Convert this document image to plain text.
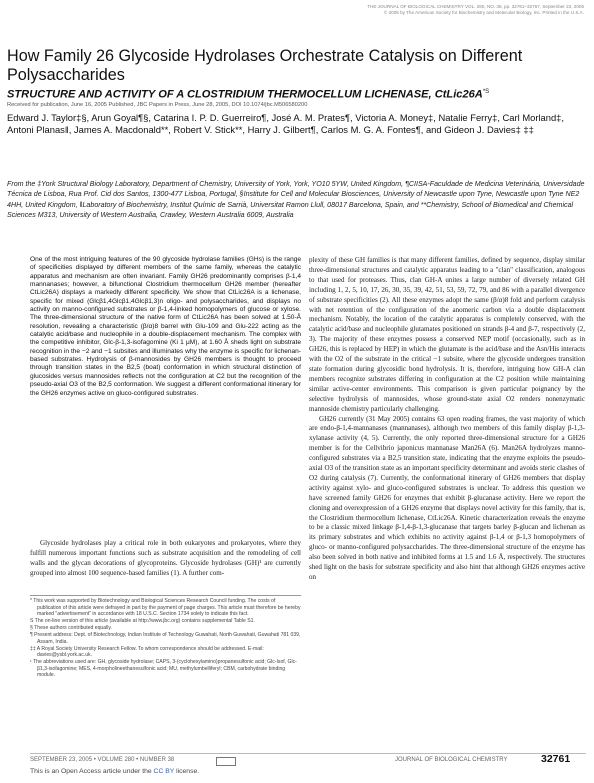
THE JOURNAL OF BIOLOGICAL CHEMISTRY VOL. 280, NO. 38, pp. 32761–32767, September 23, 2005
© 2005 by The American Society for Biochemistry and Molecular Biology, Inc. Printed in the U.S.A.
How Family 26 Glycoside Hydrolases Orchestrate Catalysis on Different Polysaccharides
STRUCTURE AND ACTIVITY OF A CLOSTRIDIUM THERMOCELLUM LICHENASE, $CtLic26A^{*S}$
Received for publication, June 16, 2005 Published, JBC Papers in Press, June 28, 2005, DOI 10.1074/jbc.M506580200
Edward J. Taylor‡§, Arun Goyal¶§, Catarina I. P. D. Guerreiro¶, José A. M. Prates¶, Victoria A. Money‡, Natalie Ferry‡, Carl Morland‡, Antoni Planas‖, James A. Macdonald**, Robert V. Stick**, Harry J. Gilbert¶, Carlos M. G. A. Fontes¶, and Gideon J. Davies‡ ‡‡
From the ‡York Structural Biology Laboratory, Department of Chemistry, University of York, York, YO10 5YW, United Kingdom, ¶CIISA-Faculdade de Medicina Veterinária, Universidade Técnica de Lisboa, Rua Prof. Cid dos Santos, 1300-477 Lisboa, Portugal, §Institute for Cell and Molecular Biosciences, University of Newcastle upon Tyne, Newcastle upon Tyne NE2 4HH, United Kingdom, ‖Laboratory of Biochemistry, Institut Químic de Sarrià, Universitat Ramon Llull, 08017 Barcelona, Spain, and **Chemistry, School of Biomedical and Chemical Sciences M313, University of Western Australia, Crawley, Western Australia 6009, Australia
One of the most intriguing features of the 90 glycoside hydrolase families (GHs) is the range of specificities displayed by different members of the same family, whereas the catalytic apparatus and mechanism are often invariant. Family GH26 predominantly comprises β-1,4 mannanases; however, a bifunctional Clostridium thermocellum GH26 member (hereafter CtLic26A) displays a markedly different specificity. We show that CtLic26A is a lichenase, specific for mixed (Glcβ1,4Glcβ1,4Glcβ1,3)n oligo- and polysaccharides, and displays no activity on manno-configured substrates or β-1,4-linked homopolymers of glucose or xylose. The three-dimensional structure of the native form of CtLic26A has been solved at 1.50-Å resolution, revealing a characteristic (β/α)8 barrel with Glu-109 and Glu-222 acting as the catalytic acid/base and nucleophile in a double-displacement mechanism. The complex with the competitive inhibitor, Glc-β-1,3-isofagomine (Ki 1 μM), at 1.60 Å sheds light on substrate recognition in the −2 and −1 subsites and illuminates why the enzyme is specific for lichenan-based substrates. Hydrolysis of β-mannosides by GH26 members is thought to proceed through transition states in the B2,5 (boat) conformation in which structural distinction of glucosides versus mannosides reflects not the configuration at C2 but the recognition of the pseudo-axial O3 of the B2,5 conformation. We suggest a different conformational itinerary for the GH26 enzymes active on gluco-configured substrates.
Glycoside hydrolases play a critical role in both eukaryotes and prokaryotes, where they fulfill numerous important functions such as substrate acquisition and the remodeling of cell walls and the glycan decorations of glycoproteins. Glycoside hydrolases (GH)¹ are currently grouped into almost 100 sequence-based families (1). A further com-
* This work was supported by Biotechnology and Biological Sciences Research Council funding. The costs of publication of this article were defrayed in part by the payment of page charges. This article must therefore be hereby marked "advertisement" in accordance with 18 U.S.C. Section 1734 solely to indicate this fact.
S The on-line version of this article (available at http://www.jbc.org) contains supplemental Table S1.
§ These authors contributed equally.
¶ Present address: Dept. of Biotechnology, Indian Institute of Technology Guwahati, North Guwahati, Guwahati 781 039, Assam, India.
‡‡ A Royal Society University Research Fellow. To whom correspondence should be addressed. E-mail: davies@ysbl.york.ac.uk.
¹ The abbreviations used are: GH, glycoside hydrolase; CAPS, 3-(cyclohexylamino)propanesulfonic acid; Glc-Isof, Glc-β1,3-isofagomine; MES, 4-morpholineethanesulfonic acid; MU, methylumbelliferyl; CBM, carbohydrate binding module.

plexity of these GH families is that many different families, defined by sequence, display similar three-dimensional structures and catalytic apparatus leading to a "clan" classification, analogous to that used for proteases. Thus, clan GH-A unites a large number of diversely related GH including 1, 2, 5, 10, 17, 26, 30, 35, 39, 42, 51, 53, 59, 72, 79, and 86 with a parallel divergence of substrate specificities (2). All these enzymes adopt the same (β/α)8 fold and perform catalysis with net retention of the configuration of the anomeric carbon via a double displacement mechanism. Notably, the location of the catalytic apparatus is completely conserved, with the catalytic acid/base and nucleophile glutamates positioned on strands β-4 and β-7, respectively (2, 3). The majority of these enzymes possess a conserved NEP motif (occasionally, such as in GH26, this is replaced by HEP) in which the glutamate is the acid/base and the Asn/His interacts with the O2 of the substrate in the critical −1 subsite, where the glycoside undergoes transition state formation during glycosidic bond hydrolysis. It is, therefore, intriguing how GH-A clan members recognize substrates differing in configuration at the C2 position while maintaining similar active-center environments. This comparison is given particular poignancy by the selective hydrolysis of mannosides, whose ground-state axial O2 renders nonenzymatic mannoside chemistry particularly challenging.

GH26 currently (31 May 2005) contains 63 open reading frames, the vast majority of which are endo-β-1,4-mannanases (mannanases), although two members of this family display β-1,3-xylanase activity (4, 5). Currently, the only reported three-dimensional structure for a GH26 member is for the Cellvibrio japonicus mannanase Man26A (6). Man26A hydrolyzes manno-configured substrates via a B2,5 transition state, indicating that the enzyme exploits the pseudo-axial O3 of the transition state as an important specificity determinant and avoids steric clashes of O2 during catalysis (7). Currently, the conformational itinerary of GH26 members that display activity against xylo- and gluco-configured substrates is unclear. To address this question we have screened family GH26 for enzymes that exhibit β-glucanase activity. Here we report the cloning and overexpression of a GH26 enzyme that displays novel activity for this family, that is, the Clostridium thermocellum lichenase, CtLic26A. Kinetic characterization reveals the enzyme to be a classic mixed linkage β-1,4-β-1,3-glucanase that targets barley β-glucan and lichenan as its primary substrates and which exhibits no activity against β-1,4 or β-1,3 homopolymers of gluco- or manno-configured polysaccharides. The three-dimensional structure of the enzyme has also been solved in both native and inhibited forms at 1.5 and 1.6 Å, respectively. The structures shed light on the basis for substrate specificity and also hint that although GH26 enzymes active on

SEPTEMBER 23, 2005 • VOLUME 280 • NUMBER 38	JOURNAL OF BIOLOGICAL CHEMISTRY	32761
This is an Open Access article under the CC BY license.
